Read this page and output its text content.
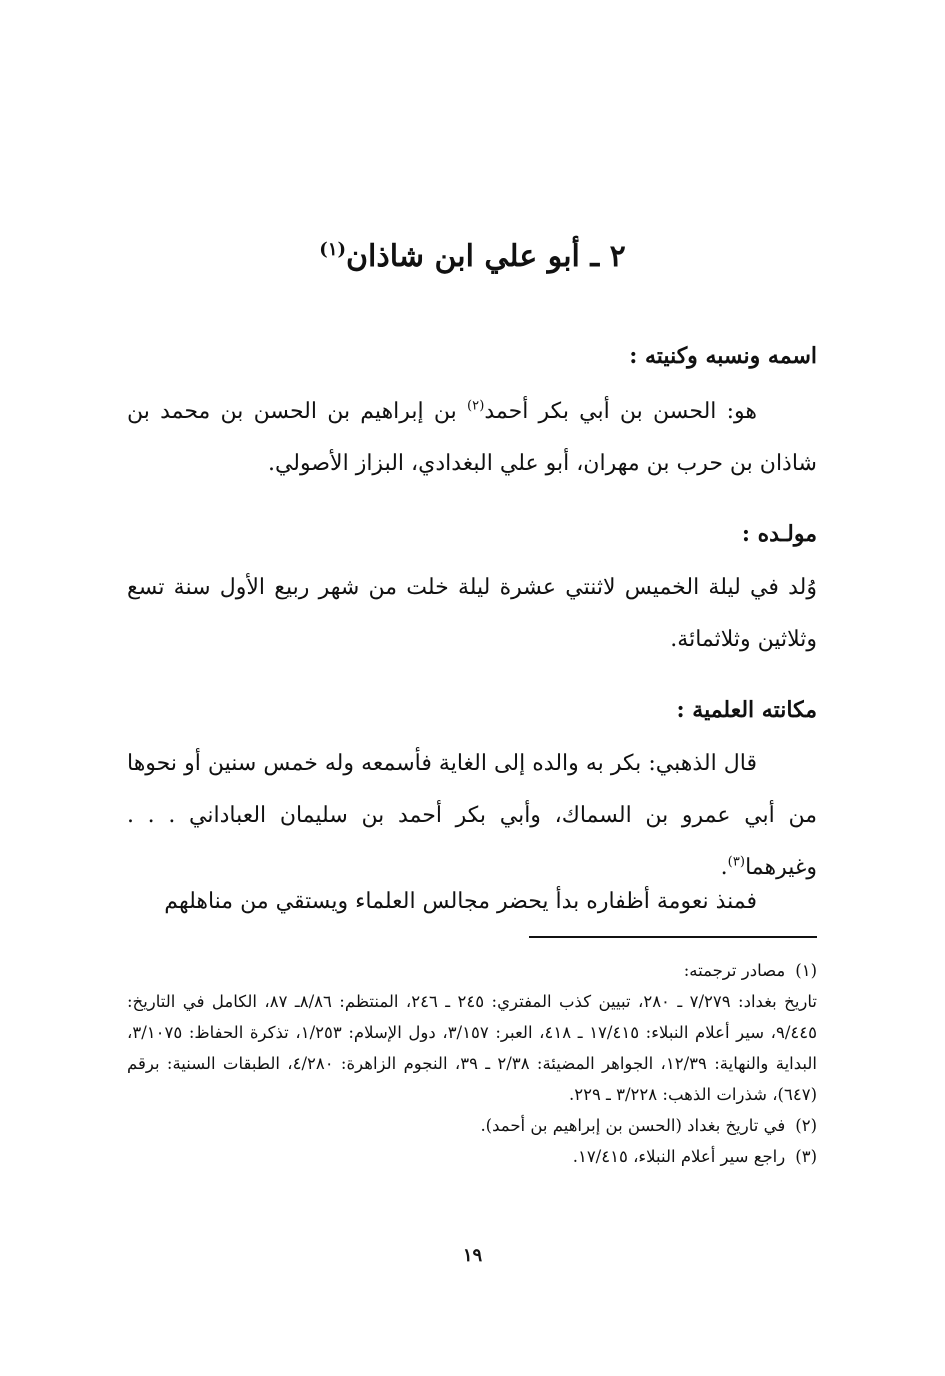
٢ ـ أبو علي ابن شاذان$^{(١)}$
اسمه ونسبه وكنيته :
هو: الحسن بن أبي بكر أحمد$^{(٢)}$ بن إبراهيم بن الحسن بن محمد بن شاذان بن حرب بن مهران، أبو علي البغدادي، البزاز الأصولي.
مولـده :
وُلد في ليلة الخميس لاثنتي عشرة ليلة خلت من شهر ربيع الأول سنة تسع وثلاثين وثلاثمائة.
مكانته العلمية :
قال الذهبي: بكر به والده إلى الغاية فأسمعه وله خمس سنين أو نحوها من أبي عمرو بن السماك، وأبي بكر أحمد بن سليمان العباداني . . . وغيرهما$^{(٣)}$.
فمنذ نعومة أظفاره بدأ يحضر مجالس العلماء ويستقي من مناهلهم
(١)مصادر ترجمته:
تاريخ بغداد: ٧/٢٧٩ ـ ٢٨٠، تبيين كذب المفتري: ٢٤٥ ـ ٢٤٦، المنتظم: ٨/٨٦ـ ٨٧، الكامل في التاريخ: ٩/٤٤٥، سير أعلام النبلاء: ١٧/٤١٥ ـ ٤١٨، العبر: ٣/١٥٧، دول الإسلام: ١/٢٥٣، تذكرة الحفاظ: ٣/١٠٧٥، البداية والنهاية: ١٢/٣٩، الجواهر المضيئة: ٢/٣٨ ـ ٣٩، النجوم الزاهرة: ٤/٢٨٠، الطبقات السنية: برقم (٦٤٧)، شذرات الذهب: ٣/٢٢٨ ـ ٢٢٩.
(٢)في تاريخ بغداد (الحسن بن إبراهيم بن أحمد).
(٣)راجع سير أعلام النبلاء، ١٧/٤١٥.
١٩
